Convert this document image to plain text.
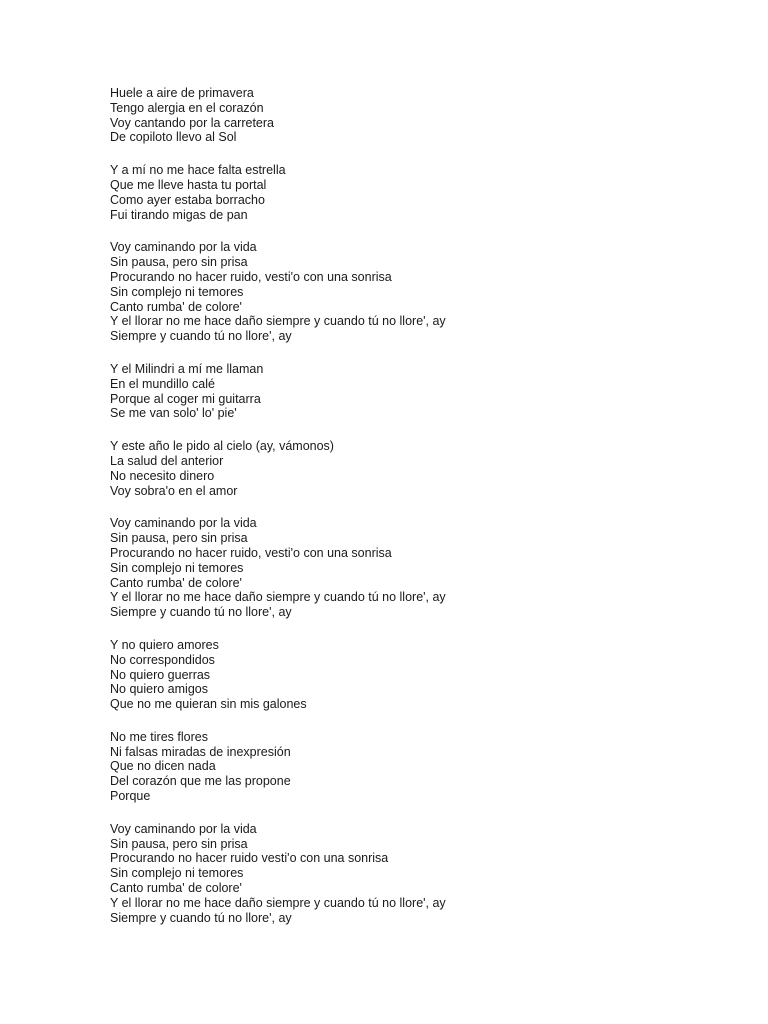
Huele a aire de primavera
Tengo alergia en el corazón
Voy cantando por la carretera
De copiloto llevo al Sol
Y a mí no me hace falta estrella
Que me lleve hasta tu portal
Como ayer estaba borracho
Fui tirando migas de pan
Voy caminando por la vida
Sin pausa, pero sin prisa
Procurando no hacer ruido, vesti'o con una sonrisa
Sin complejo ni temores
Canto rumba' de colore'
Y el llorar no me hace daño siempre y cuando tú no llore', ay
Siempre y cuando tú no llore', ay
Y el Milindri a mí me llaman
En el mundillo calé
Porque al coger mi guitarra
Se me van solo' lo' pie'
Y este año le pido al cielo (ay, vámonos)
La salud del anterior
No necesito dinero
Voy sobra'o en el amor
Voy caminando por la vida
Sin pausa, pero sin prisa
Procurando no hacer ruido, vesti'o con una sonrisa
Sin complejo ni temores
Canto rumba' de colore'
Y el llorar no me hace daño siempre y cuando tú no llore', ay
Siempre y cuando tú no llore', ay
Y no quiero amores
No correspondidos
No quiero guerras
No quiero amigos
Que no me quieran sin mis galones
No me tires flores
Ni falsas miradas de inexpresión
Que no dicen nada
Del corazón que me las propone
Porque
Voy caminando por la vida
Sin pausa, pero sin prisa
Procurando no hacer ruido vesti'o con una sonrisa
Sin complejo ni temores
Canto rumba' de colore'
Y el llorar no me hace daño siempre y cuando tú no llore', ay
Siempre y cuando tú no llore', ay
